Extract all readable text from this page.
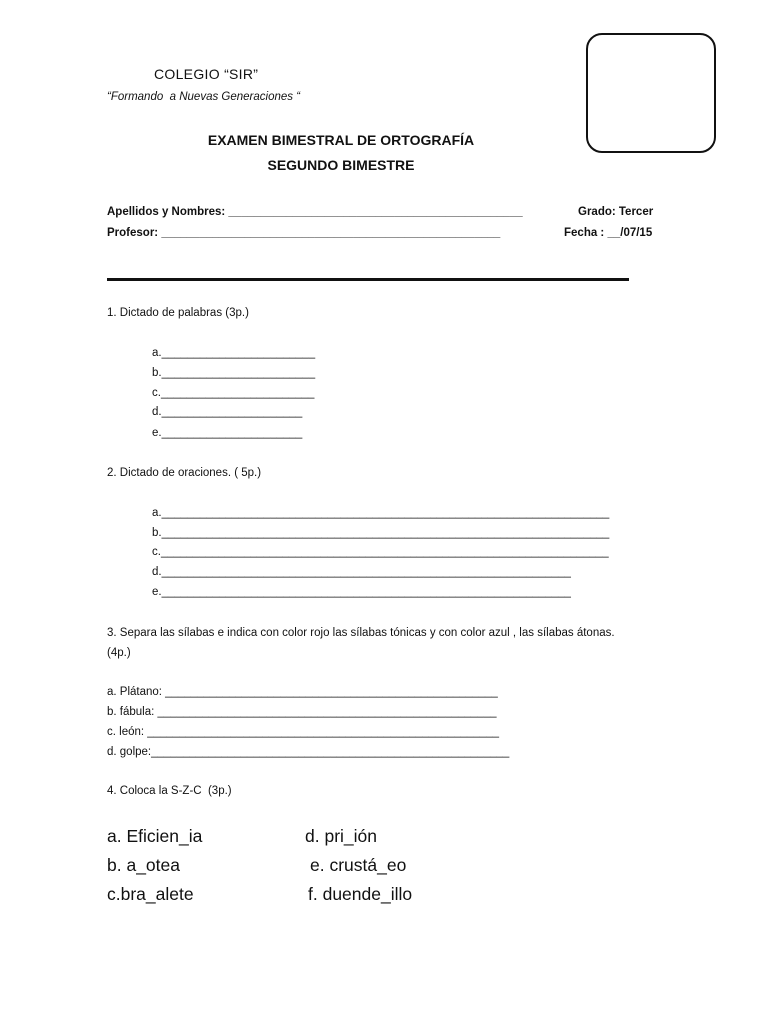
COLEGIO “SIR”
“Formando  a Nuevas Generaciones “
EXAMEN BIMESTRAL DE ORTOGRAFÍA
SEGUNDO BIMESTRE
Apellidos y Nombres: ______________________________________________	Grado: Tercer
Profesor: _____________________________________________________	Fecha : __/07/15
1. Dictado de palabras (3p.)
a.________________________
b.________________________
c.________________________
d.______________________
e.______________________
2. Dictado de oraciones. ( 5p.)
a.______________________________________________________________________
b.______________________________________________________________________
c.______________________________________________________________________
d.________________________________________________________________
e.________________________________________________________________
3. Separa las sílabas e indica con color rojo las sílabas tónicas y con color azul , las sílabas átonas.
(4p.)
a. Plátano: ____________________________________________________
b. fábula: _____________________________________________________
c. león: _______________________________________________________
d. golpe:________________________________________________________
4. Coloca la S-Z-C  (3p.)
a. Eficien_ia
b. a_otea
c.bra_alete
d. pri_ión
e. crustá_eo
f. duende_illo
